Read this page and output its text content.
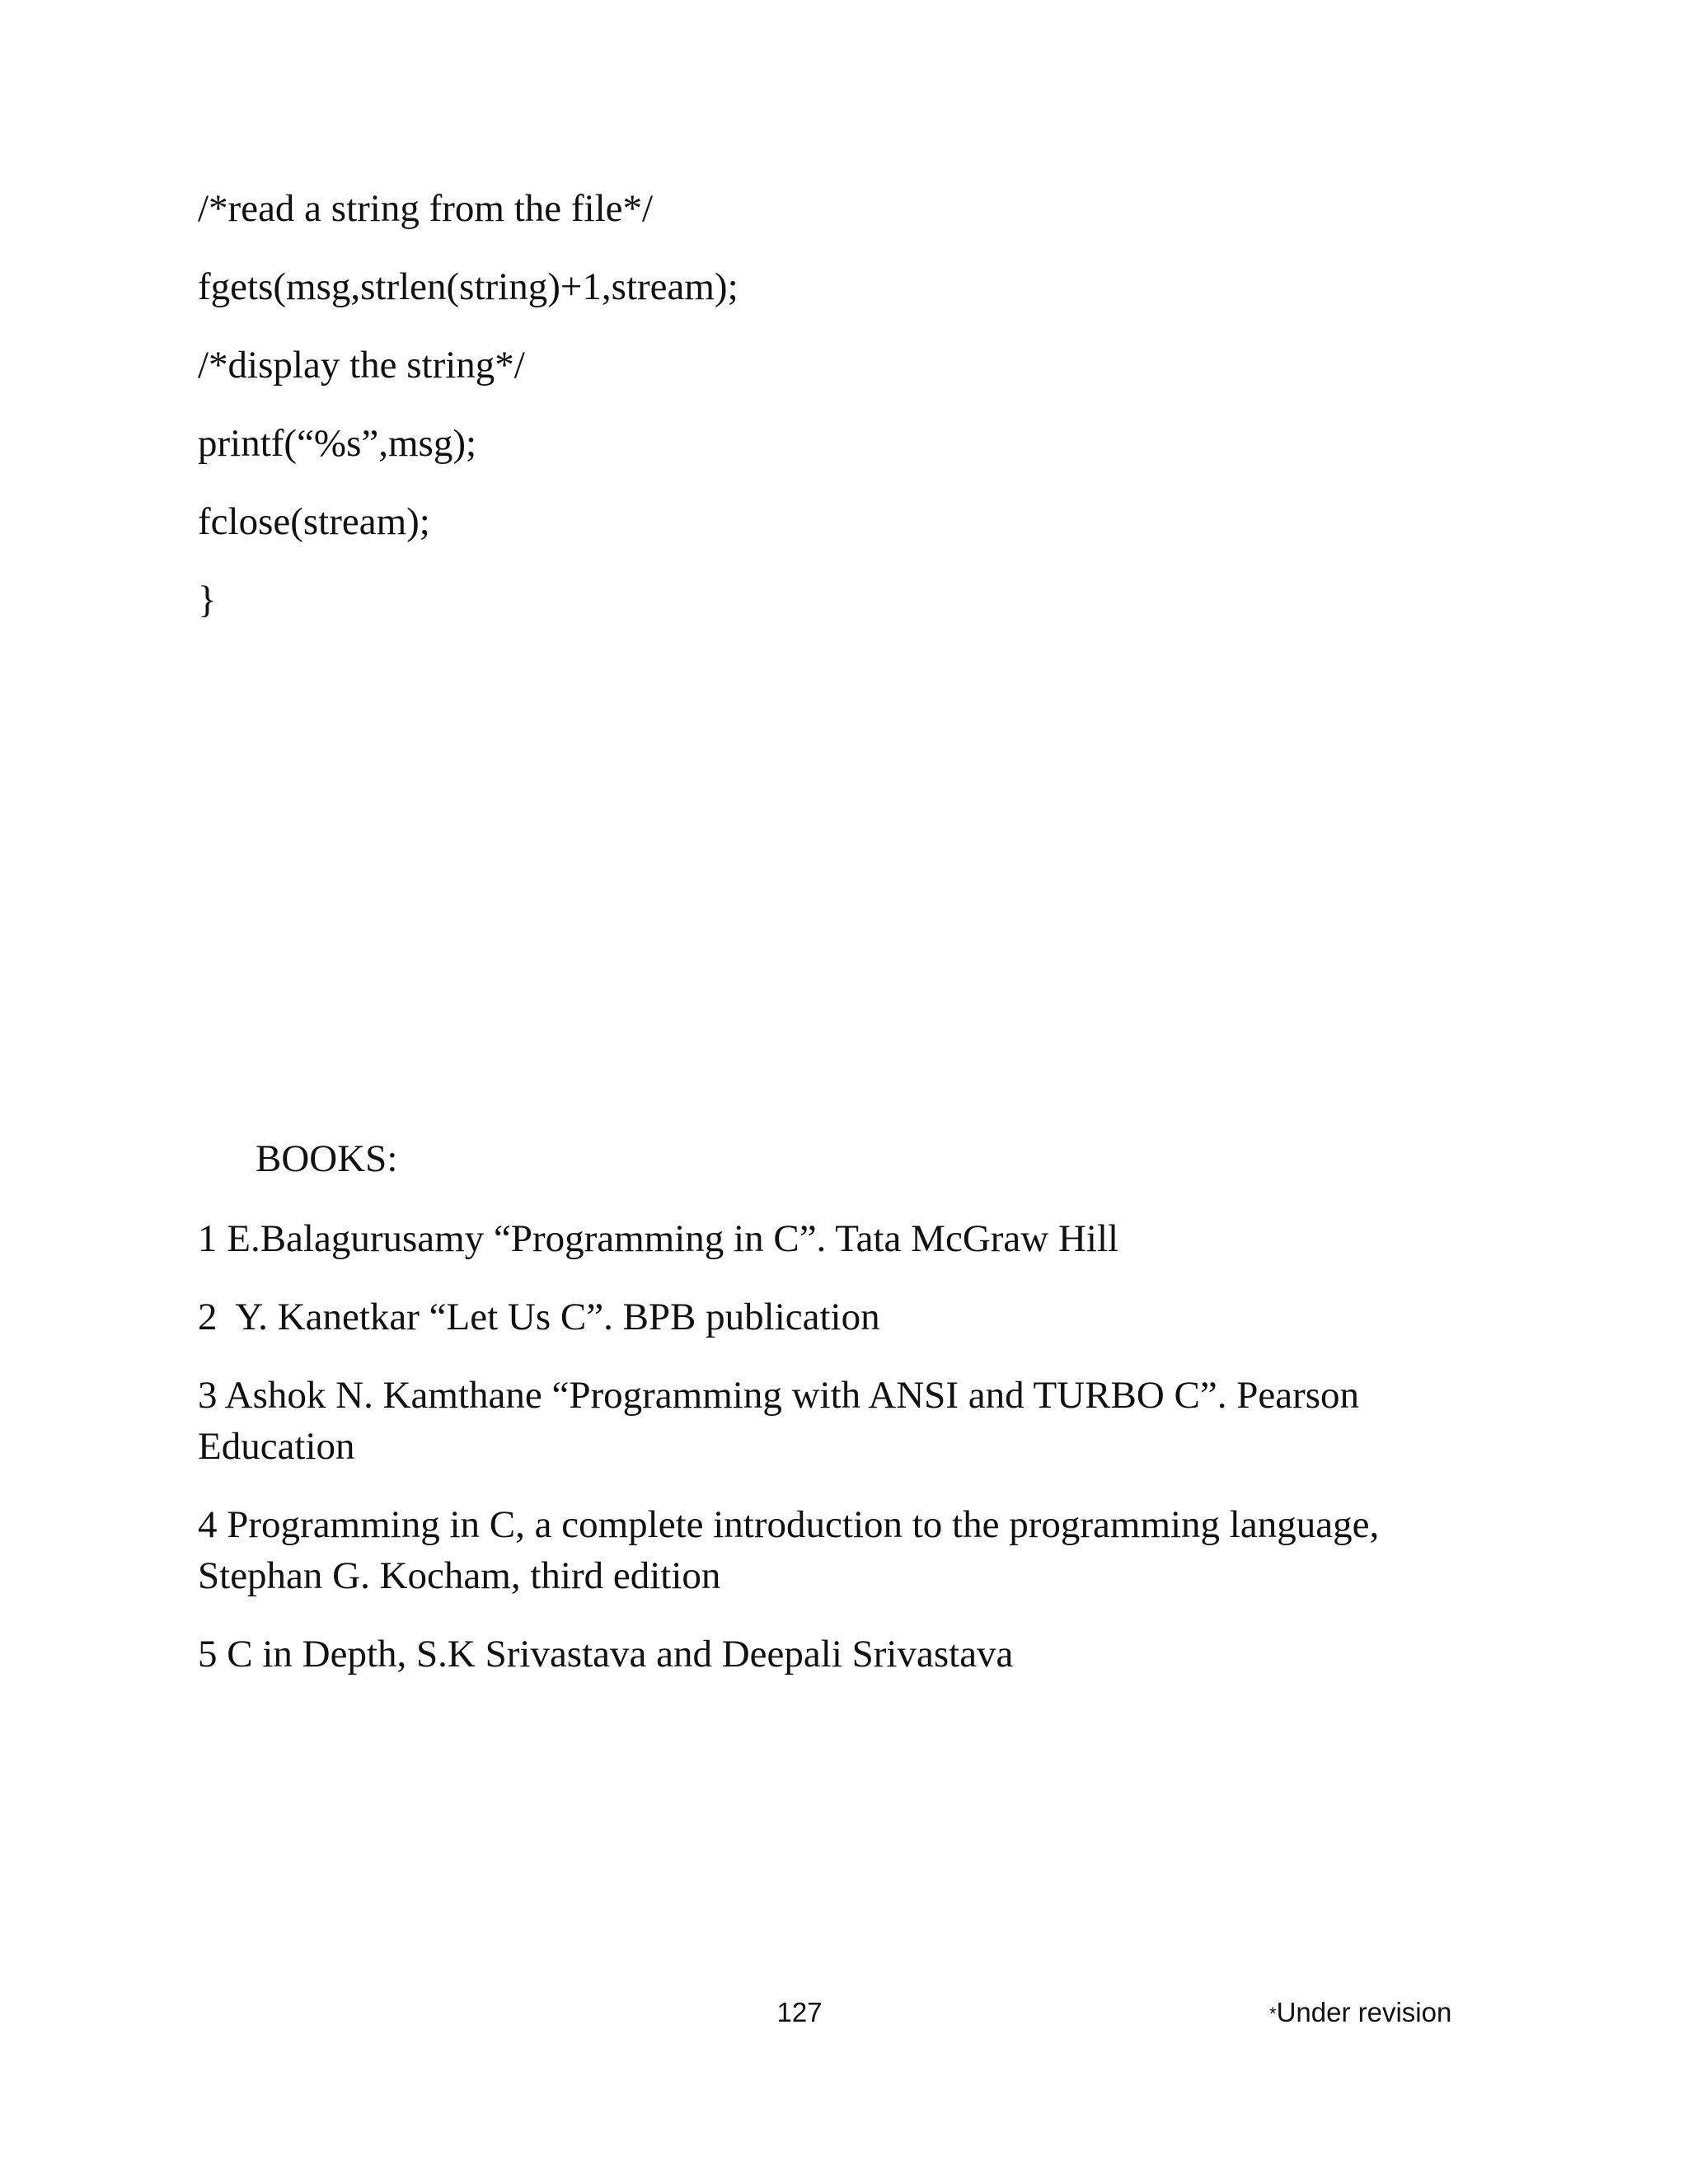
/*read a string from the file*/
fgets(msg,strlen(string)+1,stream);
/*display the string*/
printf(“%s”,msg);
fclose(stream);
}
BOOKS:
1 E.Balagurusamy “Programming in C”. Tata McGraw Hill
2  Y. Kanetkar “Let Us C”. BPB publication
3 Ashok N. Kamthane “Programming with ANSI and TURBO C”. Pearson Education
4 Programming in C, a complete introduction to the programming language, Stephan G. Kocham, third edition
5 C in Depth, S.K Srivastava and Deepali Srivastava
127	*Under revision
